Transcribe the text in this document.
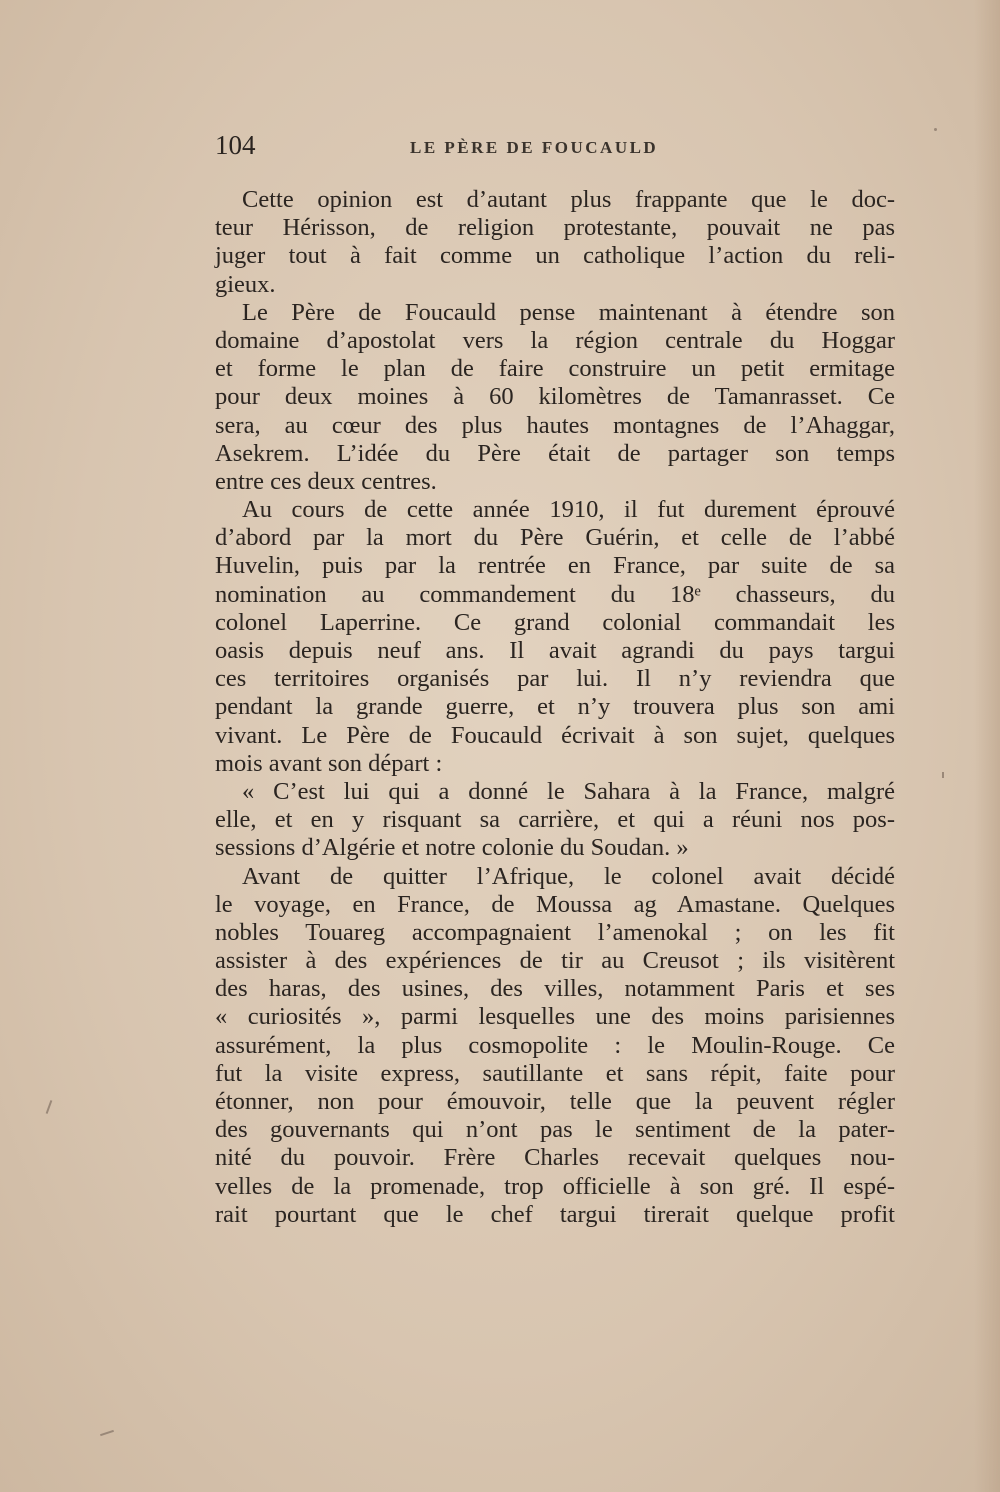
104	LE PÈRE DE FOUCAULD
Cette opinion est d’autant plus frappante que le doc-
teur Hérisson, de religion protestante, pouvait ne pas
juger tout à fait comme un catholique l’action du reli-
gieux.
Le Père de Foucauld pense maintenant à étendre son
domaine d’apostolat vers la région centrale du Hoggar
et forme le plan de faire construire un petit ermitage
pour deux moines à 60 kilomètres de Tamanrasset. Ce
sera, au cœur des plus hautes montagnes de l’Ahaggar,
Asekrem. L’idée du Père était de partager son temps
entre ces deux centres.
Au cours de cette année 1910, il fut durement éprouvé
d’abord par la mort du Père Guérin, et celle de l’abbé
Huvelin, puis par la rentrée en France, par suite de sa
nomination au commandement du 18ᵉ chasseurs, du
colonel Laperrine. Ce grand colonial commandait les
oasis depuis neuf ans. Il avait agrandi du pays targui
ces territoires organisés par lui. Il n’y reviendra que
pendant la grande guerre, et n’y trouvera plus son ami
vivant. Le Père de Foucauld écrivait à son sujet, quelques
mois avant son départ :
« C’est lui qui a donné le Sahara à la France, malgré
elle, et en y risquant sa carrière, et qui a réuni nos pos-
sessions d’Algérie et notre colonie du Soudan. »
Avant de quitter l’Afrique, le colonel avait décidé
le voyage, en France, de Moussa ag Amastane. Quelques
nobles Touareg accompagnaient l’amenokal ; on les fit
assister à des expériences de tir au Creusot ; ils visitèrent
des haras, des usines, des villes, notamment Paris et ses
« curiosités », parmi lesquelles une des moins parisiennes
assurément, la plus cosmopolite : le Moulin-Rouge. Ce
fut la visite express, sautillante et sans répit, faite pour
étonner, non pour émouvoir, telle que la peuvent régler
des gouvernants qui n’ont pas le sentiment de la pater-
nité du pouvoir. Frère Charles recevait quelques nou-
velles de la promenade, trop officielle à son gré. Il espé-
rait pourtant que le chef targui tirerait quelque profit
